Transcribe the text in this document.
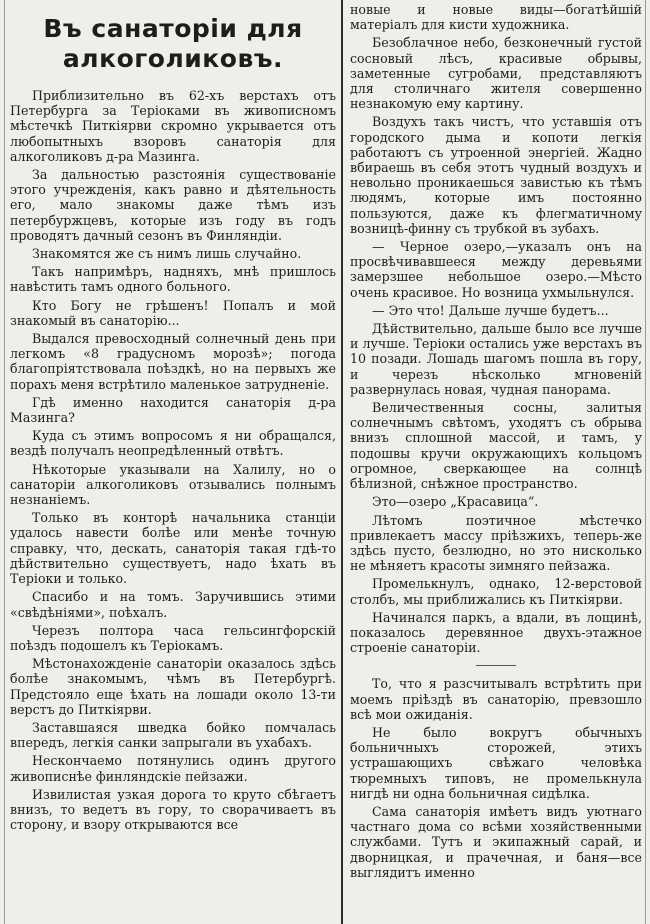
Въ санаторіи для алкоголиковъ.

Приблизительно въ 62-хъ верстахъ отъ Петербурга за Теріоками въ живописномъ мѣстечкѣ Питкіярви скромно укрывается отъ любопытныхъ взоровъ санаторія для алкоголиковъ д-ра Мазинга.

За дальностью разстоянія существованіе этого учрежденія, какъ равно и дѣятельность его, мало знакомы даже тѣмъ изъ петербуржцевъ, которые изъ году въ годъ проводятъ дачный сезонъ въ Финляндіи.

Знакомятся же съ нимъ лишь случайно.

Такъ напримѣръ, надняхъ, мнѣ пришлось навѣстить тамъ одного больного.

Кто Богу не грѣшенъ! Попалъ и мой знакомый въ санаторію...

Выдался превосходный солнечный день при легкомъ «8 градусномъ морозѣ»; погода благопріятствовала поѣздкѣ, но на первыхъ же порахъ меня встрѣтило маленькое затрудненіе.

Гдѣ именно находится санаторія д-ра Мазинга?

Куда съ этимъ вопросомъ я ни обращался, вездѣ получалъ неопредѣленный отвѣтъ.

Нѣкоторые указывали на Халилу, но о санаторіи алкоголиковъ отзывались полнымъ незнаніемъ.

Только въ конторѣ начальника станціи удалось навести болѣе или менѣе точную справку, что, дескать, санаторія такая гдѣ-то дѣйствительно существуетъ, надо ѣхать въ Теріоки и только.

Спасибо и на томъ. Заручившись этими «свѣдѣніями», поѣхалъ.

Черезъ полтора часа гельсингфорскій поѣздъ подошелъ къ Теріокамъ.

Мѣстонахожденіе санаторіи оказалось здѣсь болѣе знакомымъ, чѣмъ въ Петербургѣ. Предстояло еще ѣхать на лошади около 13-ти верстъ до Питкіярви.

Заставшаяся шведка бойко помчалась впередъ, легкія санки запрыгали въ ухабахъ.

Нескончаемо потянулись одинъ другого живописнѣе финляндскіе пейзажи.

Извилистая узкая дорога то круто сбѣгаетъ внизъ, то ведетъ въ гору, то сворачиваетъ въ сторону, и взору открываются все

новые и новые виды—богатѣйшій матеріалъ для кисти художника.

Безоблачное небо, безконечный густой сосновый лѣсъ, красивые обрывы, заметенные сугробами, представляютъ для столичнаго жителя совершенно незнакомую ему картину.

Воздухъ такъ чистъ, что уставшія отъ городского дыма и копоти легкія работаютъ съ утроенной энергіей. Жадно вбираешь въ себя этотъ чудный воздухъ и невольно проникаешься завистью къ тѣмъ людямъ, которые имъ постоянно пользуются, даже къ флегматичному возницѣ-финну съ трубкой въ зубахъ.

— Черное озеро,—указалъ онъ на просвѣчивавшееся между деревьями замерзшее небольшое озеро.—Мѣсто очень красивое. Но возница ухмыльнулся.

— Это что! Дальше лучше будетъ...

Дѣйствительно, дальше было все лучше и лучше. Теріоки остались уже верстахъ въ 10 позади. Лошадь шагомъ пошла въ гору, и черезъ нѣсколько мгновеній развернулась новая, чудная панорама.

Величественныя сосны, залитыя солнечнымъ свѣтомъ, уходятъ съ обрыва внизъ сплошной массой, и тамъ, у подошвы кручи окружающихъ кольцомъ огромное, сверкающее на солнцѣ бѣлизной, снѣжное пространство.

Это—озеро „Красавица“.

Лѣтомъ поэтичное мѣстечко привлекаетъ массу пріѣзжихъ, теперь-же здѣсь пусто, безлюдно, но это нисколько не мѣняетъ красоты зимняго пейзажа.

Промелькнулъ, однако, 12-верстовой столбъ, мы приближались къ Питкіярви.

Начинался паркъ, а вдали, въ лощинѣ, показалось деревянное двухъ-этажное строеніе санаторіи.

То, что я разсчитывалъ встрѣтить при моемъ пріѣздѣ въ санаторію, превзошло всѣ мои ожиданія.

Не было вокругъ обычныхъ больничныхъ сторожей, этихъ устрашающихъ свѣжаго человѣка тюремныхъ типовъ, не промелькнула нигдѣ ни одна больничная сидѣлка.

Сама санаторія имѣетъ видъ уютнаго частнаго дома со всѣми хозяйственными службами. Тутъ и экипажный сарай, и дворницкая, и прачечная, и баня—все выглядитъ именно
